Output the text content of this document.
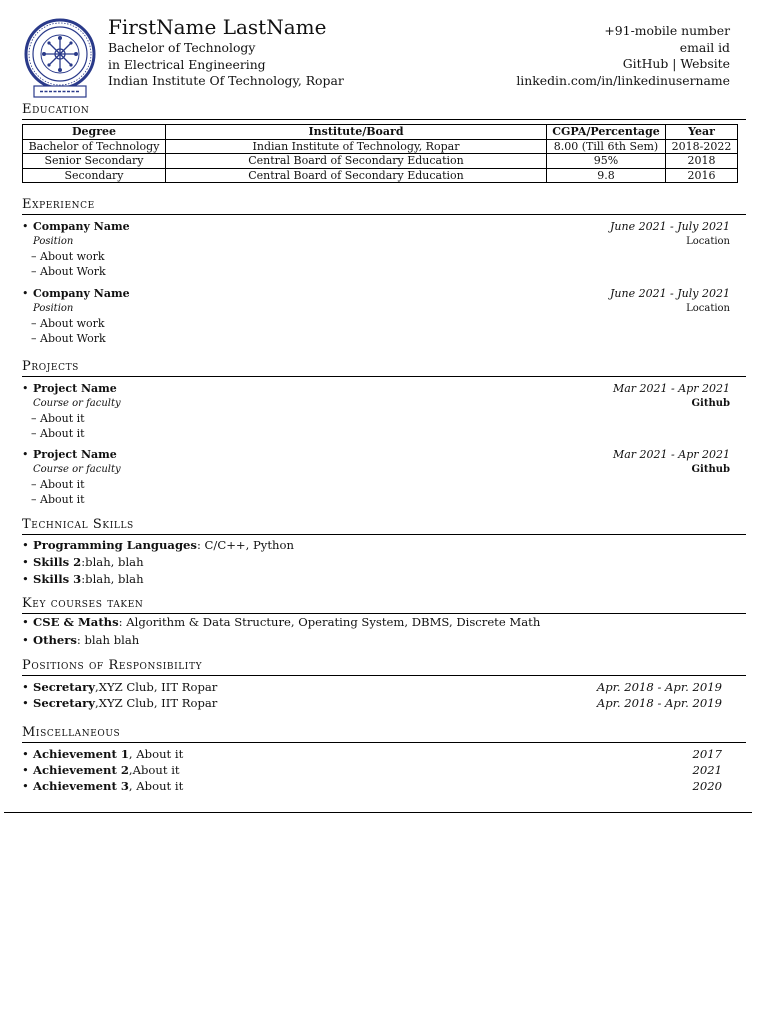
FirstName LastName
Bachelor of Technology
in Electrical Engineering
Indian Institute Of Technology, Ropar
+91-mobile number
email id
GitHub | Website
linkedin.com/in/linkedinusername
Education
Degree	Institute/Board	CGPA/Percentage	Year
Bachelor of Technology	Indian Institute of Technology, Ropar	8.00 (Till 6th Sem)	2018-2022
Senior Secondary	Central Board of Secondary Education	95%	2018
Secondary	Central Board of Secondary Education	9.8	2016
Experience
• Company Name	June 2021 - July 2021
Position	Location
– About work
– About Work
• Company Name	June 2021 - July 2021
Position	Location
– About work
– About Work
Projects
• Project Name	Mar 2021 - Apr 2021
Course or faculty	Github
– About it
– About it
• Project Name	Mar 2021 - Apr 2021
Course or faculty	Github
– About it
– About it
Technical Skills
• Programming Languages: C/C++, Python
• Skills 2:blah, blah
• Skills 3:blah, blah
Key courses taken
• CSE & Maths: Algorithm & Data Structure, Operating System, DBMS, Discrete Math
• Others: blah blah
Positions of Responsibility
• Secretary,XYZ Club, IIT Ropar	Apr. 2018 - Apr. 2019
• Secretary,XYZ Club, IIT Ropar	Apr. 2018 - Apr. 2019
Miscellaneous
• Achievement 1, About it	2017
• Achievement 2,About it	2021
• Achievement 3, About it	2020
